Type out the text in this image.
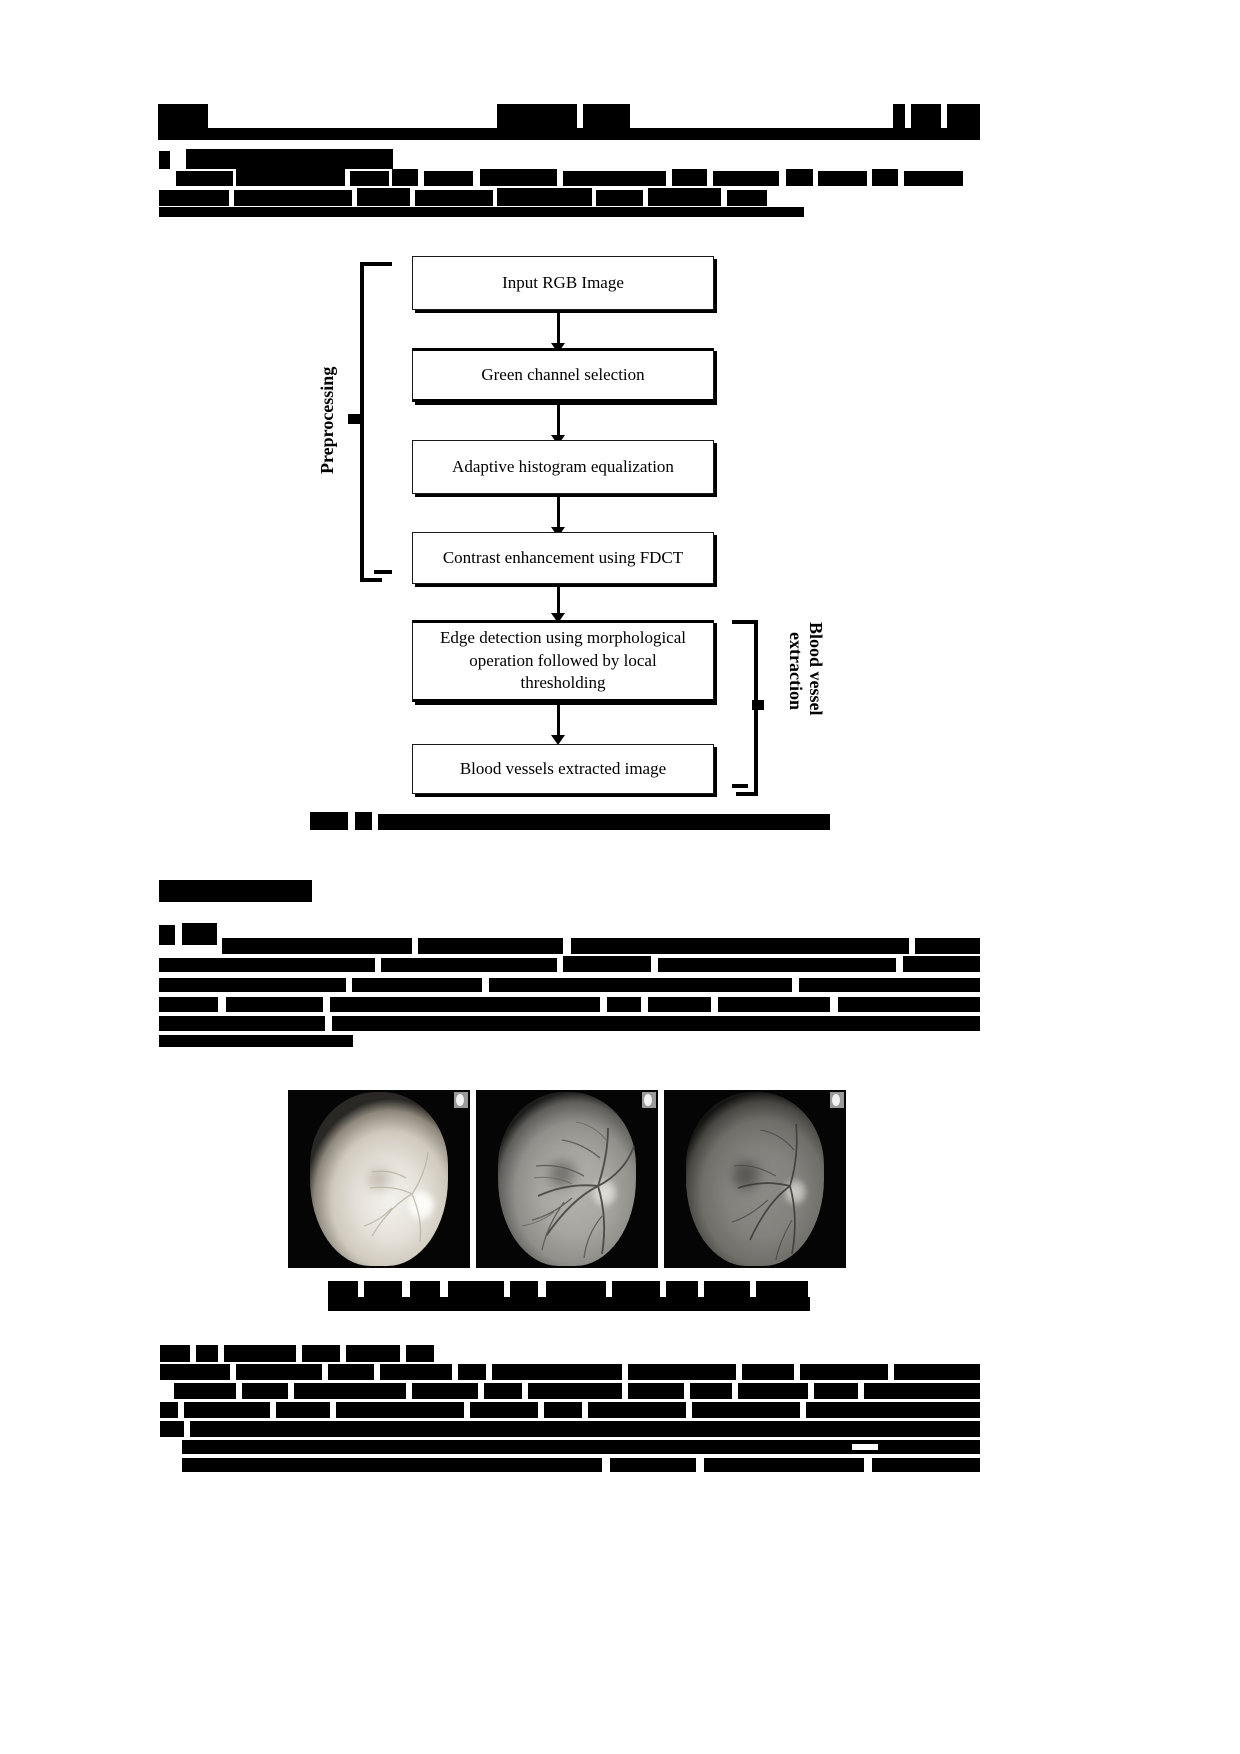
Preprocessing
Input RGB Image
Green channel selection
Adaptive histogram equalization
Contrast enhancement using FDCT
Edge detection using morphological
operation followed by local
thresholding
Blood vessels extracted image
Blood vessel
extraction
